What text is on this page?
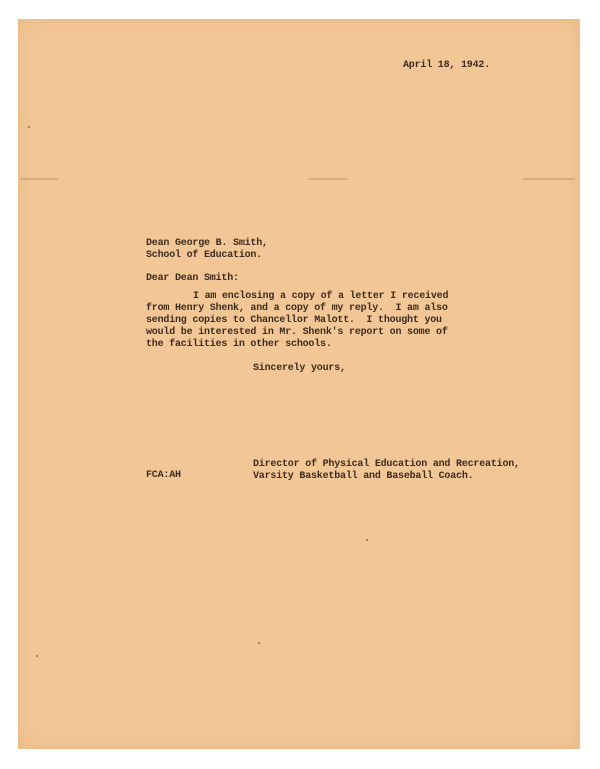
April 18, 1942.
Dean George B. Smith,
School of Education.
Dear Dean Smith:
I am enclosing a copy of a letter I received
from Henry Shenk, and a copy of my reply.  I am also
sending copies to Chancellor Malott.  I thought you
would be interested in Mr. Shenk's report on some of
the facilities in other schools.
Sincerely yours,
Director of Physical Education and Recreation,
Varsity Basketball and Baseball Coach.
FCA:AH
